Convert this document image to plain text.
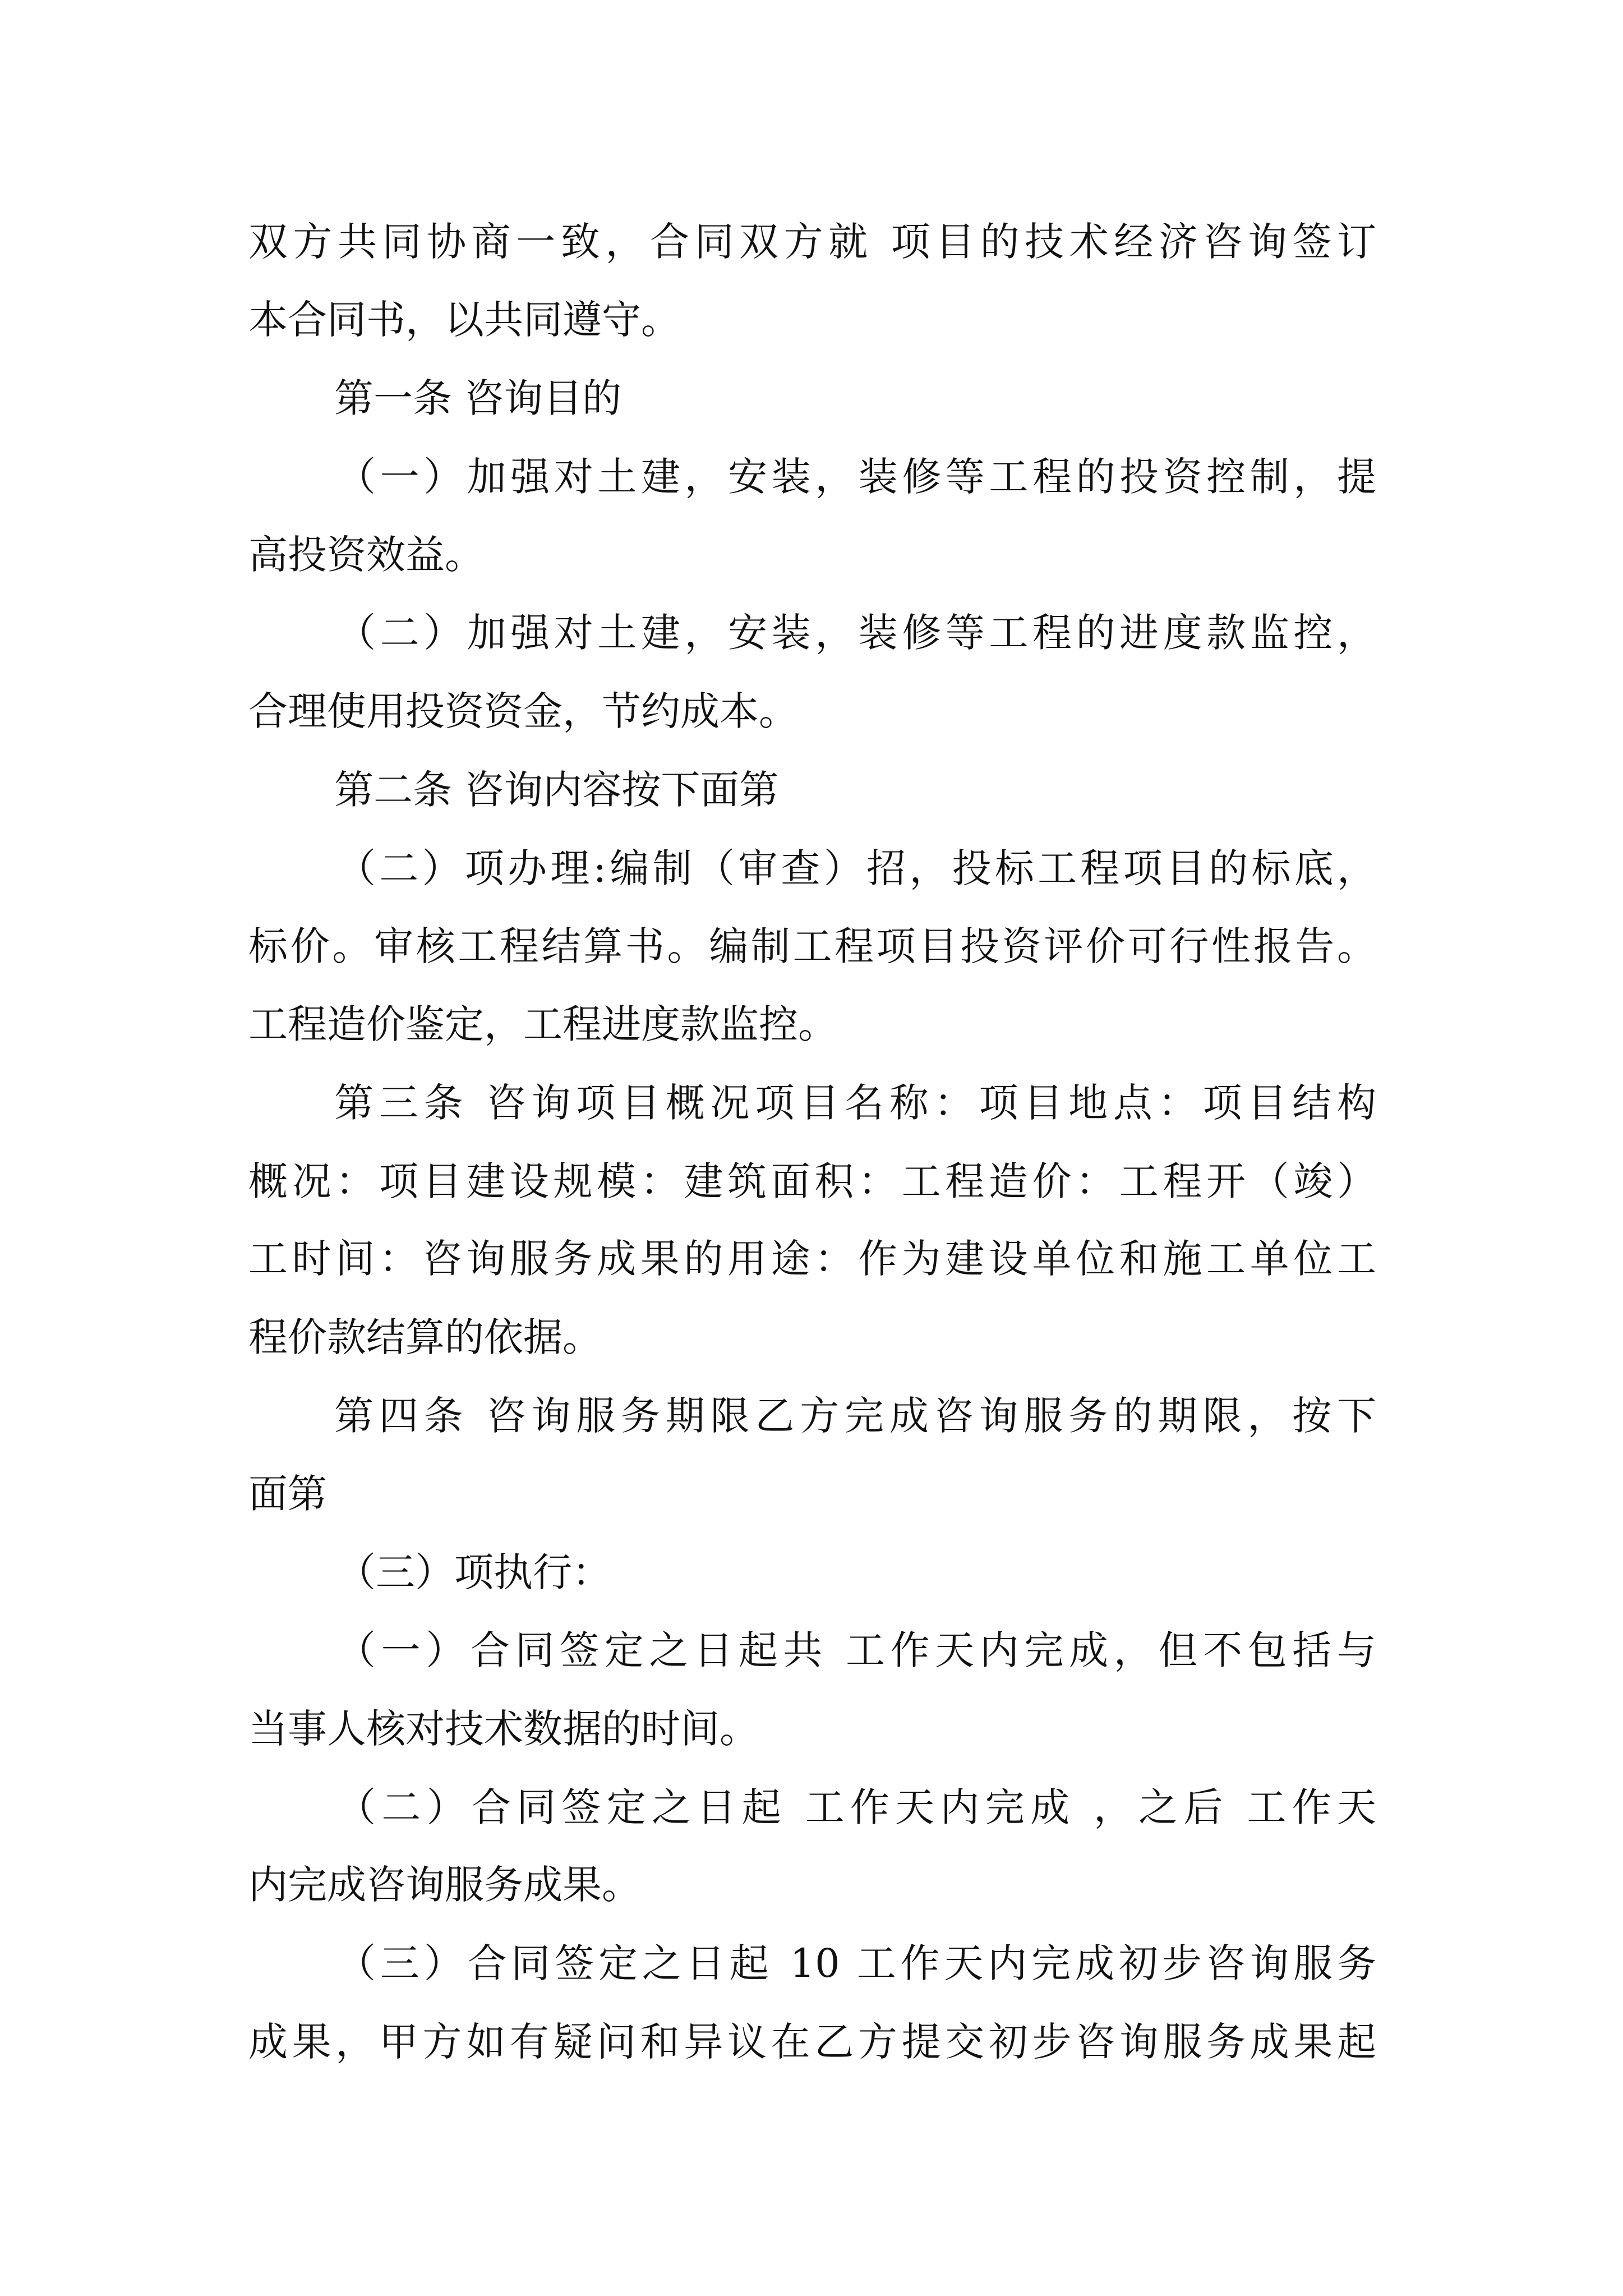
双方共同协商一致，合同双方就 项目的技术经济咨询签订
本合同书，以共同遵守。
第一条 咨询目的
（一）加强对土建，安装，装修等工程的投资控制，提
高投资效益。
（二）加强对土建，安装，装修等工程的进度款监控，
合理使用投资资金，节约成本。
第二条 咨询内容按下面第
（二）项办理:编制（审查）招，投标工程项目的标底，
标价。审核工程结算书。编制工程项目投资评价可行性报告。
工程造价鉴定，工程进度款监控。
第三条 咨询项目概况项目名称：项目地点：项目结构
概况：项目建设规模：建筑面积：工程造价：工程开（竣）
工时间：咨询服务成果的用途：作为建设单位和施工单位工
程价款结算的依据。
第四条 咨询服务期限乙方完成咨询服务的期限，按下
面第
（三）项执行：
（一）合同签定之日起共 工作天内完成，但不包括与
当事人核对技术数据的时间。
（二）合同签定之日起 工作天内完成 ，之后 工作天
内完成咨询服务成果。
（三）合同签定之日起 10 工作天内完成初步咨询服务
成果，甲方如有疑问和异议在乙方提交初步咨询服务成果起
